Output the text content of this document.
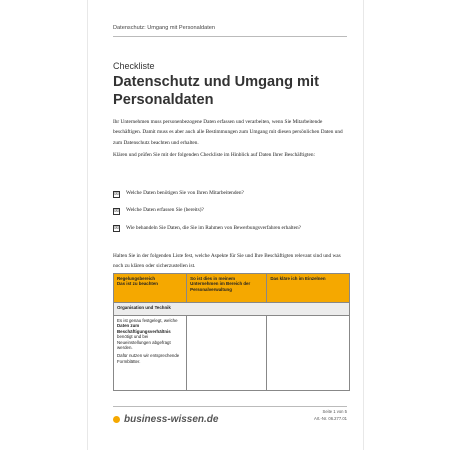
Datenschutz: Umgang mit Personaldaten
Checkliste
Datenschutz und Umgang mit Personaldaten

Ihr Unternehmen muss personenbezogene Daten erfassen und verarbeiten, wenn Sie Mitarbeitende beschäftigen. Damit muss es aber auch alle Bestimmungen zum Umgang mit diesen persönlichen Daten und zum Datenschutz beachten und erhalten.

Klären und prüfen Sie mit der folgenden Checkliste im Hinblick auf Daten Ihrer Beschäftigten:

☒ Welche Daten benötigen Sie von Ihren Mitarbeitenden?
☒ Welche Daten erfassen Sie (bereits)?
☒ Wie behandeln Sie Daten, die Sie im Rahmen von Bewerbungsverfahren erhalten?
Halten Sie in der folgenden Liste fest, welche Aspekte für Sie und Ihre Beschäftigten relevant sind und was noch zu klären oder sicherzustellen ist.
Regelungsbereich
Das ist zu beachten	So ist dies in meinem Unternehmen im Bereich der Personalverwaltung	Das kläre ich im Einzelnen
Organisation und Technik		

Es ist genau festgelegt, welche Daten zum Beschäftigungsverhältnis benötigt und bei Neueinstellungen abgefragt werden.

Dafür nutzen wir entsprechende Formblätter.		

business-wissen.de
Seite 1 von 5
Art.-Nr. 06.277.01
